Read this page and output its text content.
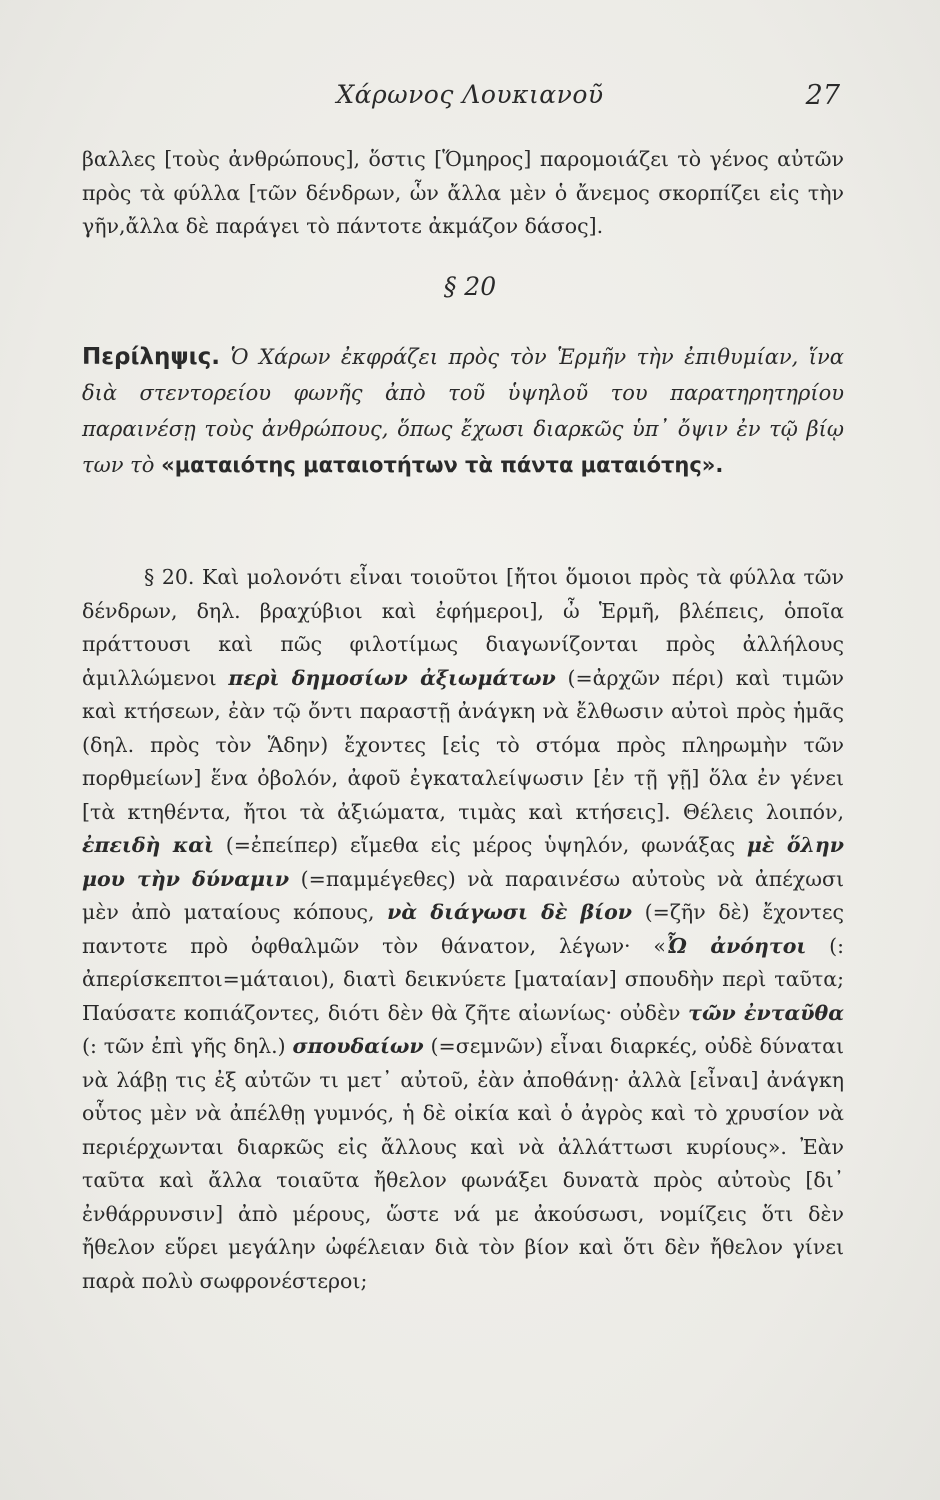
Χάρωνος Λουκιανοῦ	27

βαλλες [τοὺς ἀνθρώπους], ὅστις [Ὅμηρος] παρομοιάζει τὸ γένος αὐτῶν πρὸς τὰ φύλλα [τῶν δένδρων, ὧν ἄλλα μὲν ὁ ἄνεμος σκορπίζει εἰς τὴν γῆν,ἄλλα δὲ παράγει τὸ πάντοτε ἀκμάζον δάσος].

§ 20

Περίληψις. Ὁ Χάρων ἐκφράζει πρὸς τὸν Ἑρμῆν τὴν ἐπιθυμίαν, ἵνα διὰ στεντορείου φωνῆς ἀπὸ τοῦ ὑψηλοῦ του παρατηρητηρίου παραινέσῃ τοὺς ἀνθρώπους, ὅπως ἔχωσι διαρκῶς ὑπ᾽ ὄψιν ἐν τῷ βίῳ των τὸ «ματαιότης ματαιοτήτων τὰ πάντα ματαιότης».

§ 20. Καὶ μολονότι εἶναι τοιοῦτοι [ἤτοι ὅμοιοι πρὸς τὰ φύλλα τῶν δένδρων, δηλ. βραχύβιοι καὶ ἐφήμεροι], ὦ Ἑρμῆ, βλέπεις, ὁποῖα πράττουσι καὶ πῶς φιλοτίμως διαγωνίζονται πρὸς ἀλλήλους ἁμιλλώμενοι περὶ δημοσίων ἀξιωμάτων (=ἀρχῶν πέρι) καὶ τιμῶν καὶ κτήσεων, ἐὰν τῷ ὄντι παραστῇ ἀνάγκη νὰ ἔλθωσιν αὐτοὶ πρὸς ἡμᾶς (δηλ. πρὸς τὸν Ἅδην) ἔχοντες [εἰς τὸ στόμα πρὸς πληρωμὴν τῶν πορθμείων] ἕνα ὀβολόν, ἀφοῦ ἐγκαταλείψωσιν [ἐν τῇ γῇ] ὅλα ἐν γένει [τὰ κτηθέντα, ἤτοι τὰ ἀξιώματα, τιμὰς καὶ κτήσεις]. Θέλεις λοιπόν, ἐπειδὴ καὶ (=ἐπείπερ) εἴμεθα εἰς μέρος ὑψηλόν, φωνάξας μὲ ὅλην μου τὴν δύναμιν (=παμμέγεθες) νὰ παραινέσω αὐτοὺς νὰ ἀπέχωσι μὲν ἀπὸ ματαίους κόπους, νὰ διάγωσι δὲ βίον (=ζῆν δὲ) ἔχοντες παντοτε πρὸ ὀφθαλμῶν τὸν θάνατον, λέγων· «Ὦ ἀνόητοι (: ἀπερίσκεπτοι=μάταιοι), διατὶ δεικνύετε [ματαίαν] σπουδὴν περὶ ταῦτα; Παύσατε κοπιάζοντες, διότι δὲν θὰ ζῆτε αἰωνίως· οὐδὲν τῶν ἐνταῦθα (: τῶν ἐπὶ γῆς δηλ.) σπουδαίων (=σεμνῶν) εἶναι διαρκές, οὐδὲ δύναται νὰ λάβῃ τις ἐξ αὐτῶν τι μετ᾽ αὐτοῦ, ἐὰν ἀποθάνῃ· ἀλλὰ [εἶναι] ἀνάγκη οὗτος μὲν νὰ ἀπέλθῃ γυμνός, ἡ δὲ οἰκία καὶ ὁ ἀγρὸς καὶ τὸ χρυσίον νὰ περιέρχωνται διαρκῶς εἰς ἄλλους καὶ νὰ ἀλλάττωσι κυρίους». Ἐὰν ταῦτα καὶ ἄλλα τοιαῦτα ἤθελον φωνάξει δυνατὰ πρὸς αὐτοὺς [δι᾽ ἐνθάρρυνσιν] ἀπὸ μέρους, ὥστε νά με ἀκούσωσι, νομίζεις ὅτι δὲν ἤθελον εὕρει μεγάλην ὠφέλειαν διὰ τὸν βίον καὶ ὅτι δὲν ἤθελον γίνει παρὰ πολὺ σωφρονέστεροι;
